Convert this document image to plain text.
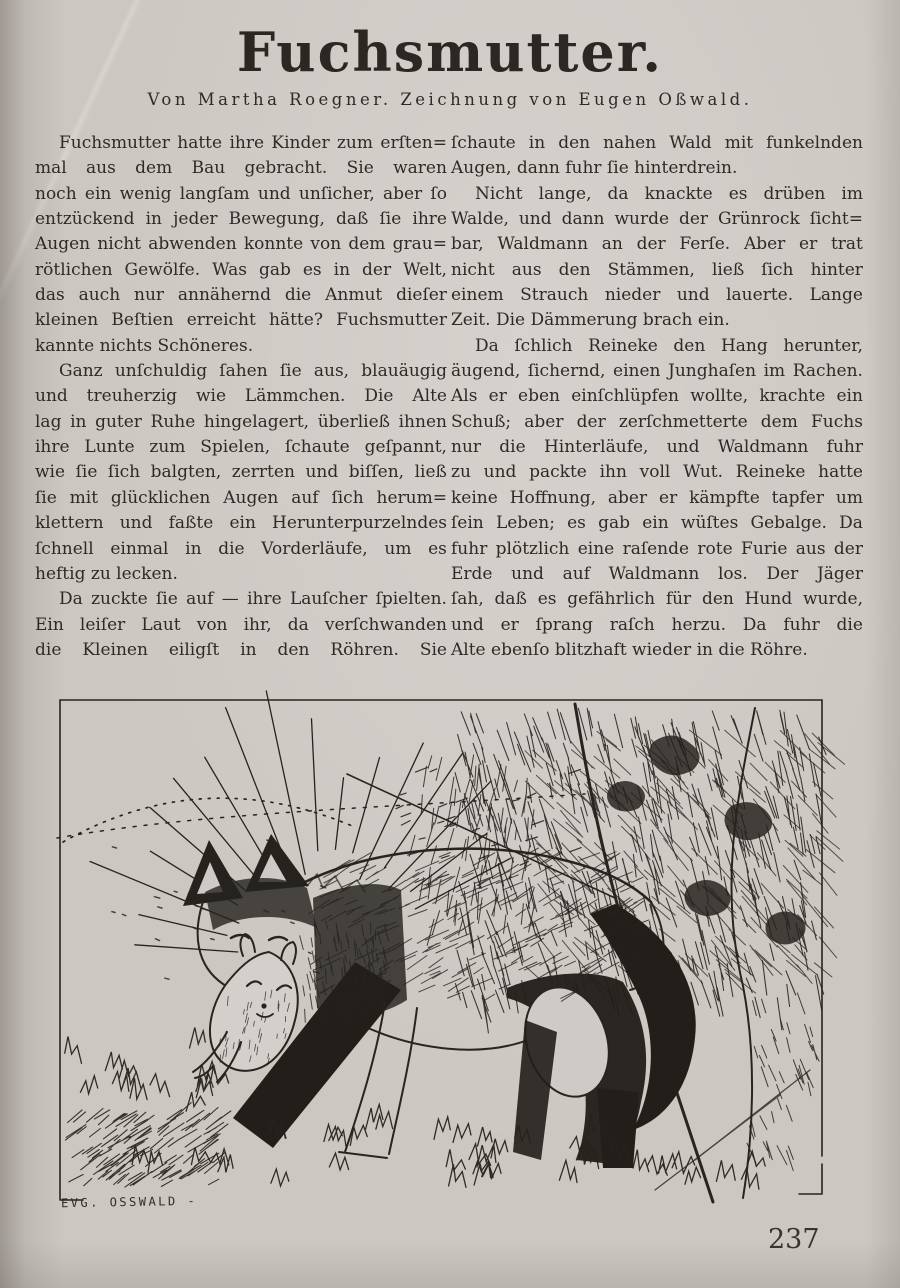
Fuchsmutter.
Von Martha Roegner. Zeichnung von Eugen Oßwald.
Fuchsmutter hatte ihre Kinder zum erſten=
mal aus dem Bau gebracht. Sie waren
noch ein wenig langſam und unſicher, aber ſo
entzückend in jeder Bewegung, daß ſie ihre
Augen nicht abwenden konnte von dem grau=
rötlichen Gewölfe. Was gab es in der Welt,
das auch nur annähernd die Anmut dieſer
kleinen Beſtien erreicht hätte? Fuchsmutter
kannte nichts Schöneres.
Ganz unſchuldig ſahen ſie aus, blauäugig
und treuherzig wie Lämmchen. Die Alte
lag in guter Ruhe hingelagert, überließ ihnen
ihre Lunte zum Spielen, ſchaute geſpannt,
wie ſie ſich balgten, zerrten und biſſen, ließ
ſie mit glücklichen Augen auf ſich herum=
klettern und faßte ein Herunterpurzelndes
ſchnell einmal in die Vorderläufe, um es
heftig zu lecken.
Da zuckte ſie auf — ihre Lauſcher ſpielten.
Ein leiſer Laut von ihr, da verſchwanden
die Kleinen eiligſt in den Röhren. Sie
ſchaute in den nahen Wald mit funkelnden
Augen, dann fuhr ſie hinterdrein.
Nicht lange, da knackte es drüben im
Walde, und dann wurde der Grünrock ſicht=
bar, Waldmann an der Ferſe. Aber er trat
nicht aus den Stämmen, ließ ſich hinter
einem Strauch nieder und lauerte. Lange
Zeit. Die Dämmerung brach ein.
Da ſchlich Reineke den Hang herunter,
äugend, ſichernd, einen Junghaſen im Rachen.
Als er eben einſchlüpfen wollte, krachte ein
Schuß; aber der zerſchmetterte dem Fuchs
nur die Hinterläufe, und Waldmann fuhr
zu und packte ihn voll Wut. Reineke hatte
keine Hoffnung, aber er kämpfte tapfer um
ſein Leben; es gab ein wüſtes Gebalge. Da
fuhr plötzlich eine raſende rote Furie aus der
Erde und auf Waldmann los. Der Jäger
ſah, daß es gefährlich für den Hund wurde,
und er ſprang raſch herzu. Da fuhr die
Alte ebenſo blitzhaft wieder in die Röhre.
EVG. OSSWALD -
237
